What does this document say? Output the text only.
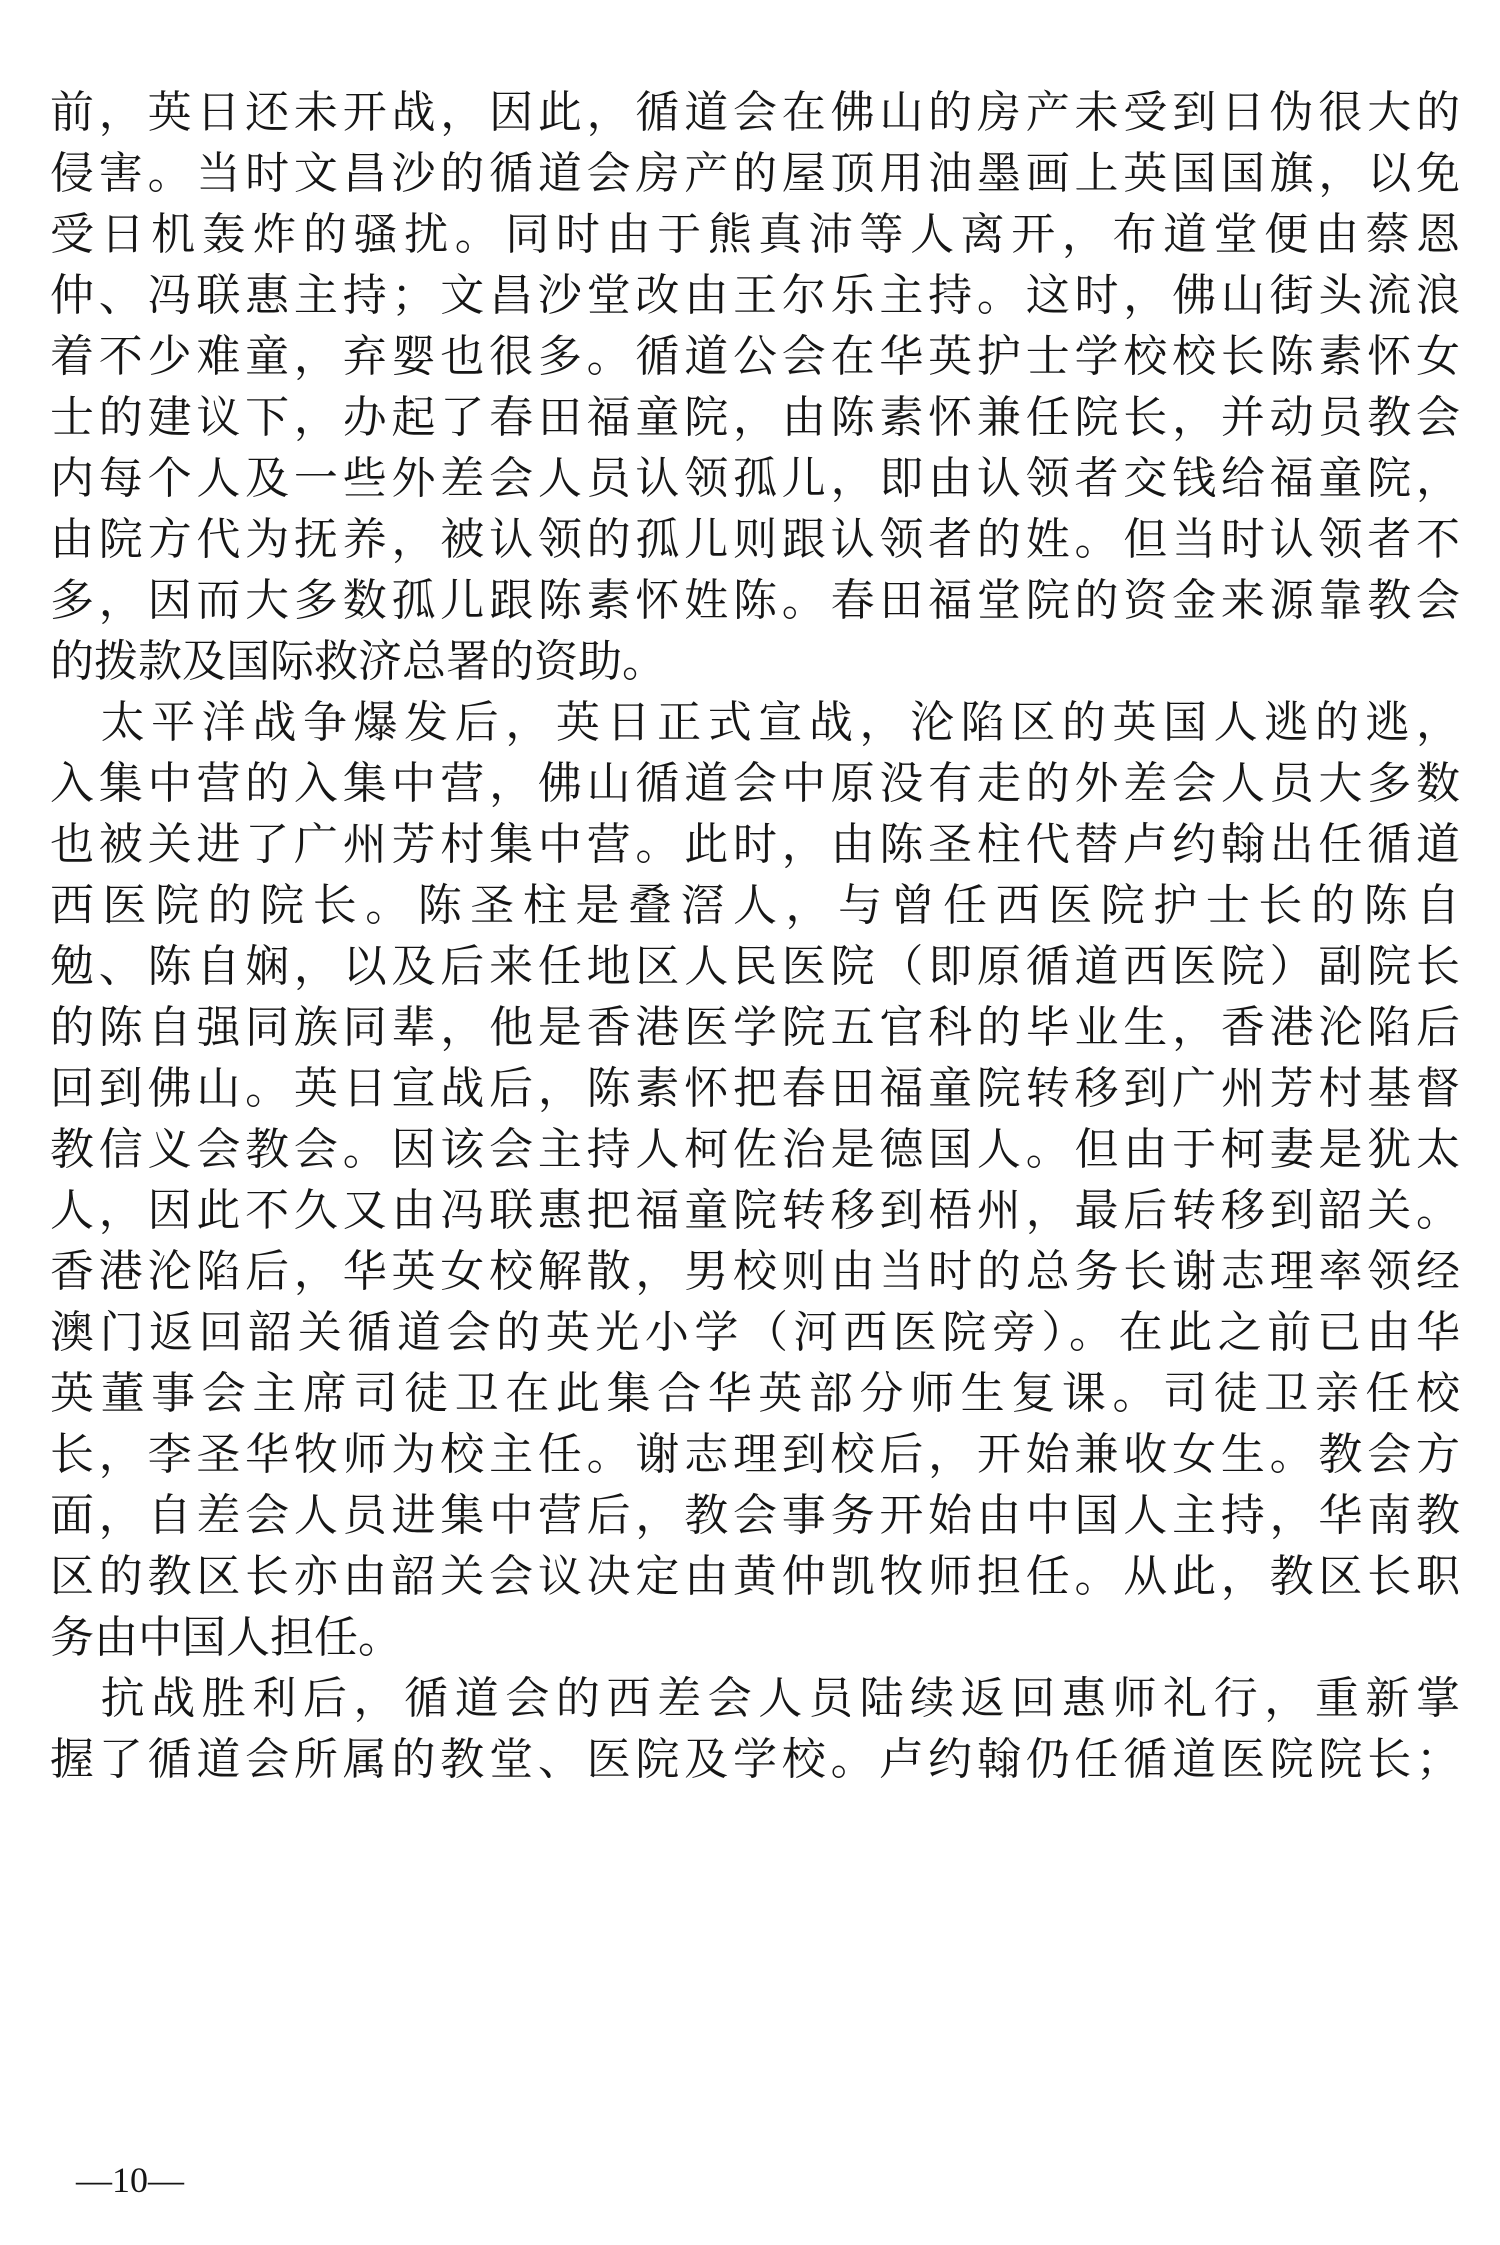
前，英日还未开战，因此，循道会在佛山的房产未受到日伪很大的
侵害。当时文昌沙的循道会房产的屋顶用油墨画上英国国旗，以免
受日机轰炸的骚扰。同时由于熊真沛等人离开，布道堂便由蔡恩
仲、冯联惠主持；文昌沙堂改由王尔乐主持。这时，佛山街头流浪
着不少难童，弃婴也很多。循道公会在华英护士学校校长陈素怀女
士的建议下，办起了春田福童院，由陈素怀兼任院长，并动员教会
内每个人及一些外差会人员认领孤儿，即由认领者交钱给福童院，
由院方代为抚养，被认领的孤儿则跟认领者的姓。但当时认领者不
多，因而大多数孤儿跟陈素怀姓陈。春田福堂院的资金来源靠教会
的拨款及国际救济总署的资助。
　太平洋战争爆发后，英日正式宣战，沦陷区的英国人逃的逃，
入集中营的入集中营，佛山循道会中原没有走的外差会人员大多数
也被关进了广州芳村集中营。此时，由陈圣柱代替卢约翰出任循道
西医院的院长。陈圣柱是叠滘人，与曾任西医院护士长的陈自
勉、陈自娴，以及后来任地区人民医院（即原循道西医院）副院长
的陈自强同族同辈，他是香港医学院五官科的毕业生，香港沦陷后
回到佛山。英日宣战后，陈素怀把春田福童院转移到广州芳村基督
教信义会教会。因该会主持人柯佐治是德国人。但由于柯妻是犹太
人，因此不久又由冯联惠把福童院转移到梧州，最后转移到韶关。
香港沦陷后，华英女校解散，男校则由当时的总务长谢志理率领经
澳门返回韶关循道会的英光小学（河西医院旁）。在此之前已由华
英董事会主席司徒卫在此集合华英部分师生复课。司徒卫亲任校
长，李圣华牧师为校主任。谢志理到校后，开始兼收女生。教会方
面，自差会人员进集中营后，教会事务开始由中国人主持，华南教
区的教区长亦由韶关会议决定由黄仲凯牧师担任。从此，教区长职
务由中国人担任。
　抗战胜利后，循道会的西差会人员陆续返回惠师礼行，重新掌
握了循道会所属的教堂、医院及学校。卢约翰仍任循道医院院长；
—10—
